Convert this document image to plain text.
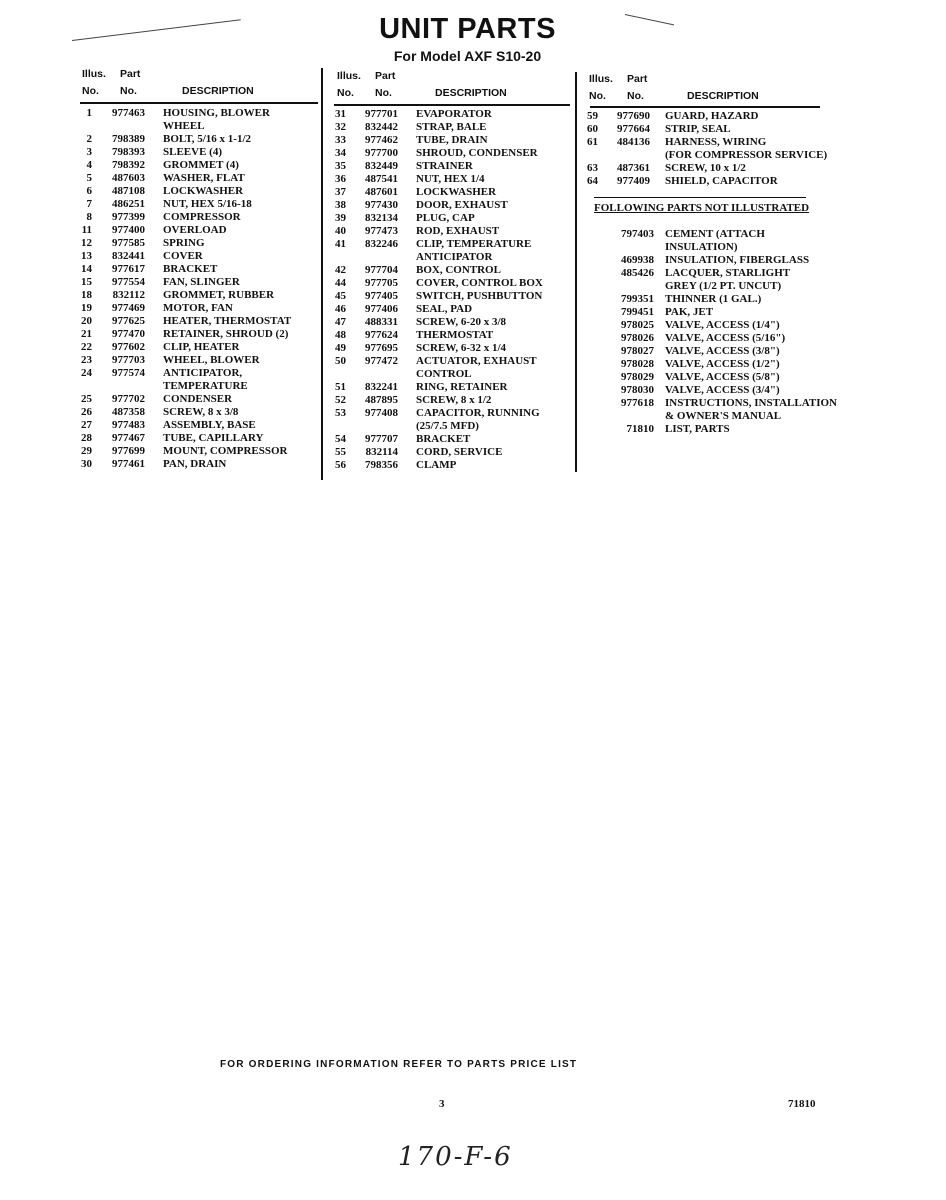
UNIT PARTS
For Model AXF S10-20
Illus. Part
No. No.	DESCRIPTION
1	977463 HOUSING, BLOWER
WHEEL
2	798389 BOLT, 5/16 x 1-1/2
3	798393 SLEEVE (4)
4	798392 GROMMET (4)
5	487603 WASHER, FLAT
6	487108 LOCKWASHER
7	486251 NUT, HEX 5/16-18
8	977399 COMPRESSOR
11	977400 OVERLOAD
12	977585 SPRING
13	832441 COVER
14	977617 BRACKET
15	977554 FAN, SLINGER
18	832112 GROMMET, RUBBER
19	977469 MOTOR, FAN
20	977625 HEATER, THERMOSTAT
21	977470 RETAINER, SHROUD (2)
22	977602 CLIP, HEATER
23	977703 WHEEL, BLOWER
24	977574 ANTICIPATOR,
TEMPERATURE
25	977702 CONDENSER
26	487358 SCREW, 8 x 3/8
27	977483 ASSEMBLY, BASE
28	977467 TUBE, CAPILLARY
29	977699 MOUNT, COMPRESSOR
30	977461 PAN, DRAIN
Illus. Part
No. No.	DESCRIPTION
31	977701 EVAPORATOR
32	832442 STRAP, BALE
33	977462 TUBE, DRAIN
34	977700 SHROUD, CONDENSER
35	832449 STRAINER
36	487541 NUT, HEX 1/4
37	487601 LOCKWASHER
38	977430 DOOR, EXHAUST
39	832134 PLUG, CAP
40	977473 ROD, EXHAUST
41	832246 CLIP, TEMPERATURE
ANTICIPATOR
42	977704 BOX, CONTROL
44	977705 COVER, CONTROL BOX
45	977405 SWITCH, PUSHBUTTON
46	977406 SEAL, PAD
47	488331 SCREW, 6-20 x 3/8
48	977624 THERMOSTAT
49	977695 SCREW, 6-32 x 1/4
50	977472 ACTUATOR, EXHAUST
CONTROL
51	832241 RING, RETAINER
52	487895 SCREW, 8 x 1/2
53	977408 CAPACITOR, RUNNING
(25/7.5 MFD)
54	977707 BRACKET
55	832114 CORD, SERVICE
56	798356 CLAMP
Illus. Part
No. No.	DESCRIPTION
59	977690 GUARD, HAZARD
60	977664 STRIP, SEAL
61	484136 HARNESS, WIRING
(FOR COMPRESSOR SERVICE)
63	487361 SCREW, 10 x 1/2
64	977409 SHIELD, CAPACITOR
FOLLOWING PARTS NOT ILLUSTRATED
797403 CEMENT (ATTACH
INSULATION)
469938 INSULATION, FIBERGLASS
485426 LACQUER, STARLIGHT
GREY (1/2 PT. UNCUT)
799351 THINNER (1 GAL.)
799451 PAK, JET
978025 VALVE, ACCESS (1/4")
978026 VALVE, ACCESS (5/16")
978027 VALVE, ACCESS (3/8")
978028 VALVE, ACCESS (1/2")
978029 VALVE, ACCESS (5/8")
978030 VALVE, ACCESS (3/4")
977618 INSTRUCTIONS, INSTALLATION
& OWNER'S MANUAL
71810 LIST, PARTS
FOR ORDERING INFORMATION REFER TO PARTS PRICE LIST
3	71810
170-F-6
